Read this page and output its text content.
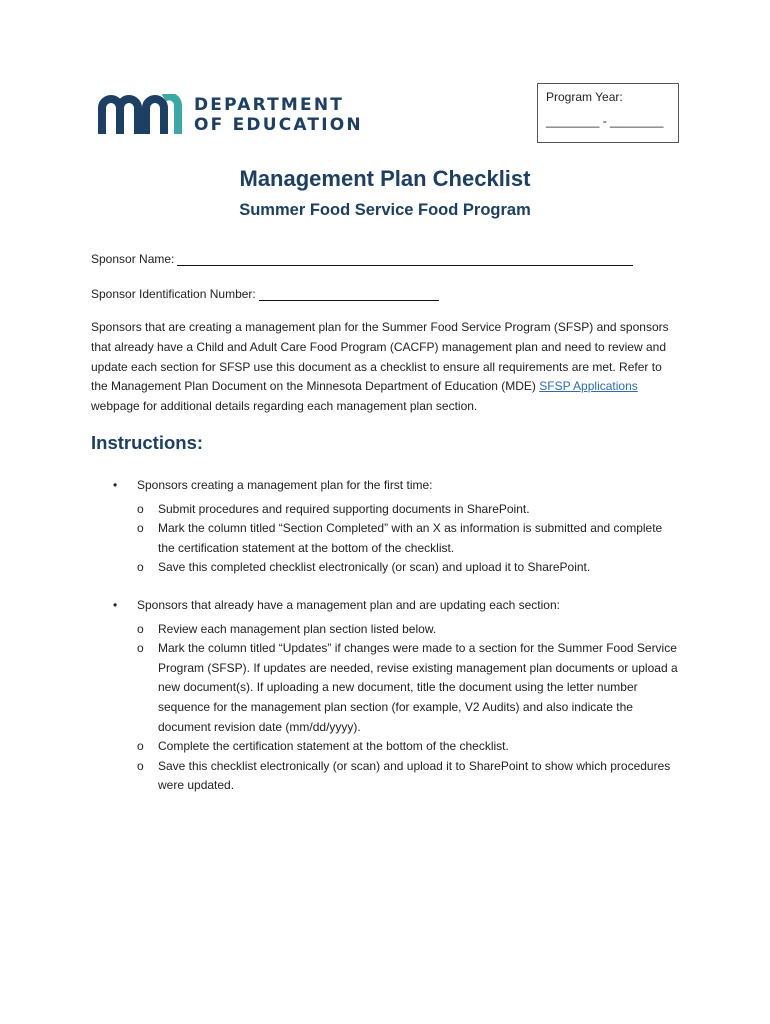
DEPARTMENT
OF EDUCATION
Program Year:
________ - ________
Management Plan Checklist
Summer Food Service Food Program
Sponsor Name:
Sponsor Identification Number:
Sponsors that are creating a management plan for the Summer Food Service Program (SFSP) and sponsors that already have a Child and Adult Care Food Program (CACFP) management plan and need to review and update each section for SFSP use this document as a checklist to ensure all requirements are met. Refer to the Management Plan Document on the Minnesota Department of Education (MDE) SFSP Applications webpage for additional details regarding each management plan section.
Instructions:
• Sponsors creating a management plan for the first time:
o Submit procedures and required supporting documents in SharePoint.
o Mark the column titled “Section Completed” with an X as information is submitted and complete the certification statement at the bottom of the checklist.
o Save this completed checklist electronically (or scan) and upload it to SharePoint.
• Sponsors that already have a management plan and are updating each section:
o Review each management plan section listed below.
o Mark the column titled “Updates” if changes were made to a section for the Summer Food Service Program (SFSP). If updates are needed, revise existing management plan documents or upload a new document(s). If uploading a new document, title the document using the letter number sequence for the management plan section (for example, V2 Audits) and also indicate the document revision date (mm/dd/yyyy).
o Complete the certification statement at the bottom of the checklist.
o Save this checklist electronically (or scan) and upload it to SharePoint to show which procedures were updated.
